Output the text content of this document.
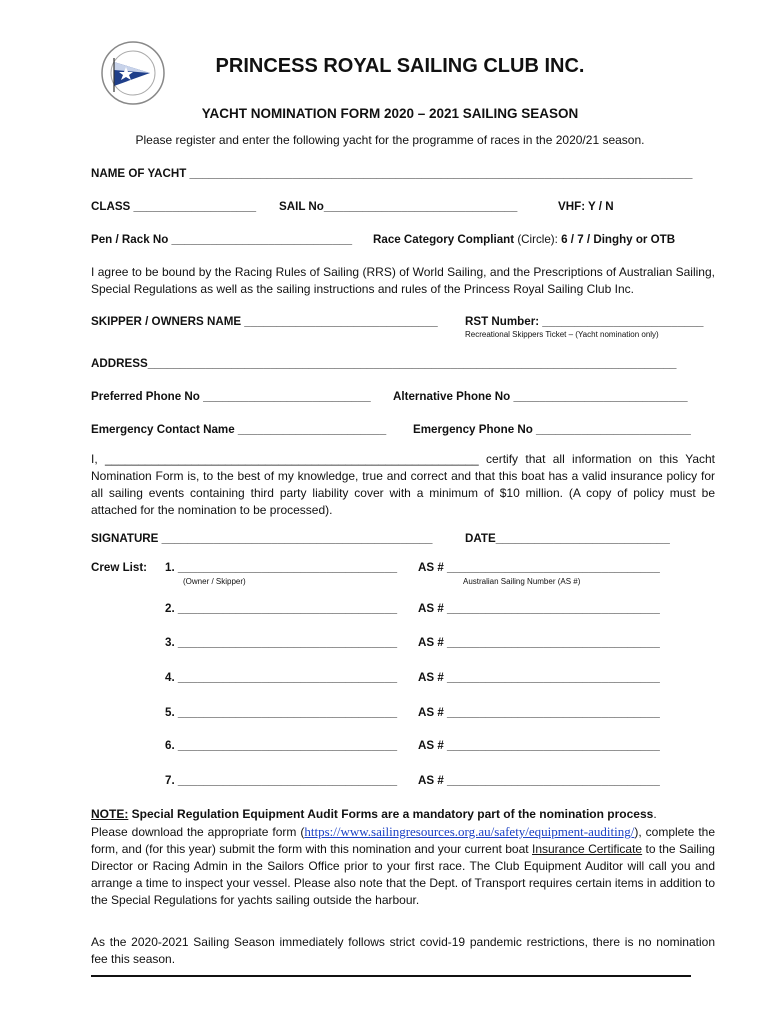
PRINCESS ROYAL SAILING CLUB INC.
YACHT NOMINATION FORM 2020 – 2021 SAILING SEASON
Please register and enter the following yacht for the programme of races in the 2020/21 season.
NAME OF YACHT ______________________________________________________________________________
CLASS ___________________ SAIL No______________________________	VHF: Y / N
Pen / Rack No ____________________________ Race Category Compliant (Circle): 6 / 7 / Dinghy or OTB
I agree to be bound by the Racing Rules of Sailing (RRS) of World Sailing, and the Prescriptions of Australian Sailing, Special Regulations as well as the sailing instructions and rules of the Princess Royal Sailing Club Inc.
SKIPPER / OWNERS NAME ______________________________ RST Number: _________________________
Recreational Skippers Ticket – (Yacht nomination only)
ADDRESS__________________________________________________________________________________
Preferred Phone No __________________________ Alternative Phone No ___________________________
Emergency Contact Name _______________________ Emergency Phone No ________________________
I, ________________________________________________________ certify that all information on this Yacht Nomination Form is, to the best of my knowledge, true and correct and that this boat has a valid insurance policy for all sailing events containing third party liability cover with a minimum of $10 million. (A copy of policy must be attached for the nomination to be processed).
SIGNATURE __________________________________________	DATE___________________________
Crew List: 1. __________________________________ AS # _________________________________
(Owner / Skipper)	Australian Sailing Number (AS #)
2. __________________________________ AS # _________________________________
3. __________________________________ AS # _________________________________
4. __________________________________ AS # _________________________________
5. __________________________________ AS # _________________________________
6. __________________________________ AS # _________________________________
7. __________________________________ AS # _________________________________
NOTE: Special Regulation Equipment Audit Forms are a mandatory part of the nomination process.
Please download the appropriate form (https://www.sailingresources.org.au/safety/equipment-auditing/), complete the form, and (for this year) submit the form with this nomination and your current boat Insurance Certificate to the Sailing Director or Racing Admin in the Sailors Office prior to your first race. The Club Equipment Auditor will call you and arrange a time to inspect your vessel. Please also note that the Dept. of Transport requires certain items in addition to the Special Regulations for yachts sailing outside the harbour.
As the 2020-2021 Sailing Season immediately follows strict covid-19 pandemic restrictions, there is no nomination fee this season.
